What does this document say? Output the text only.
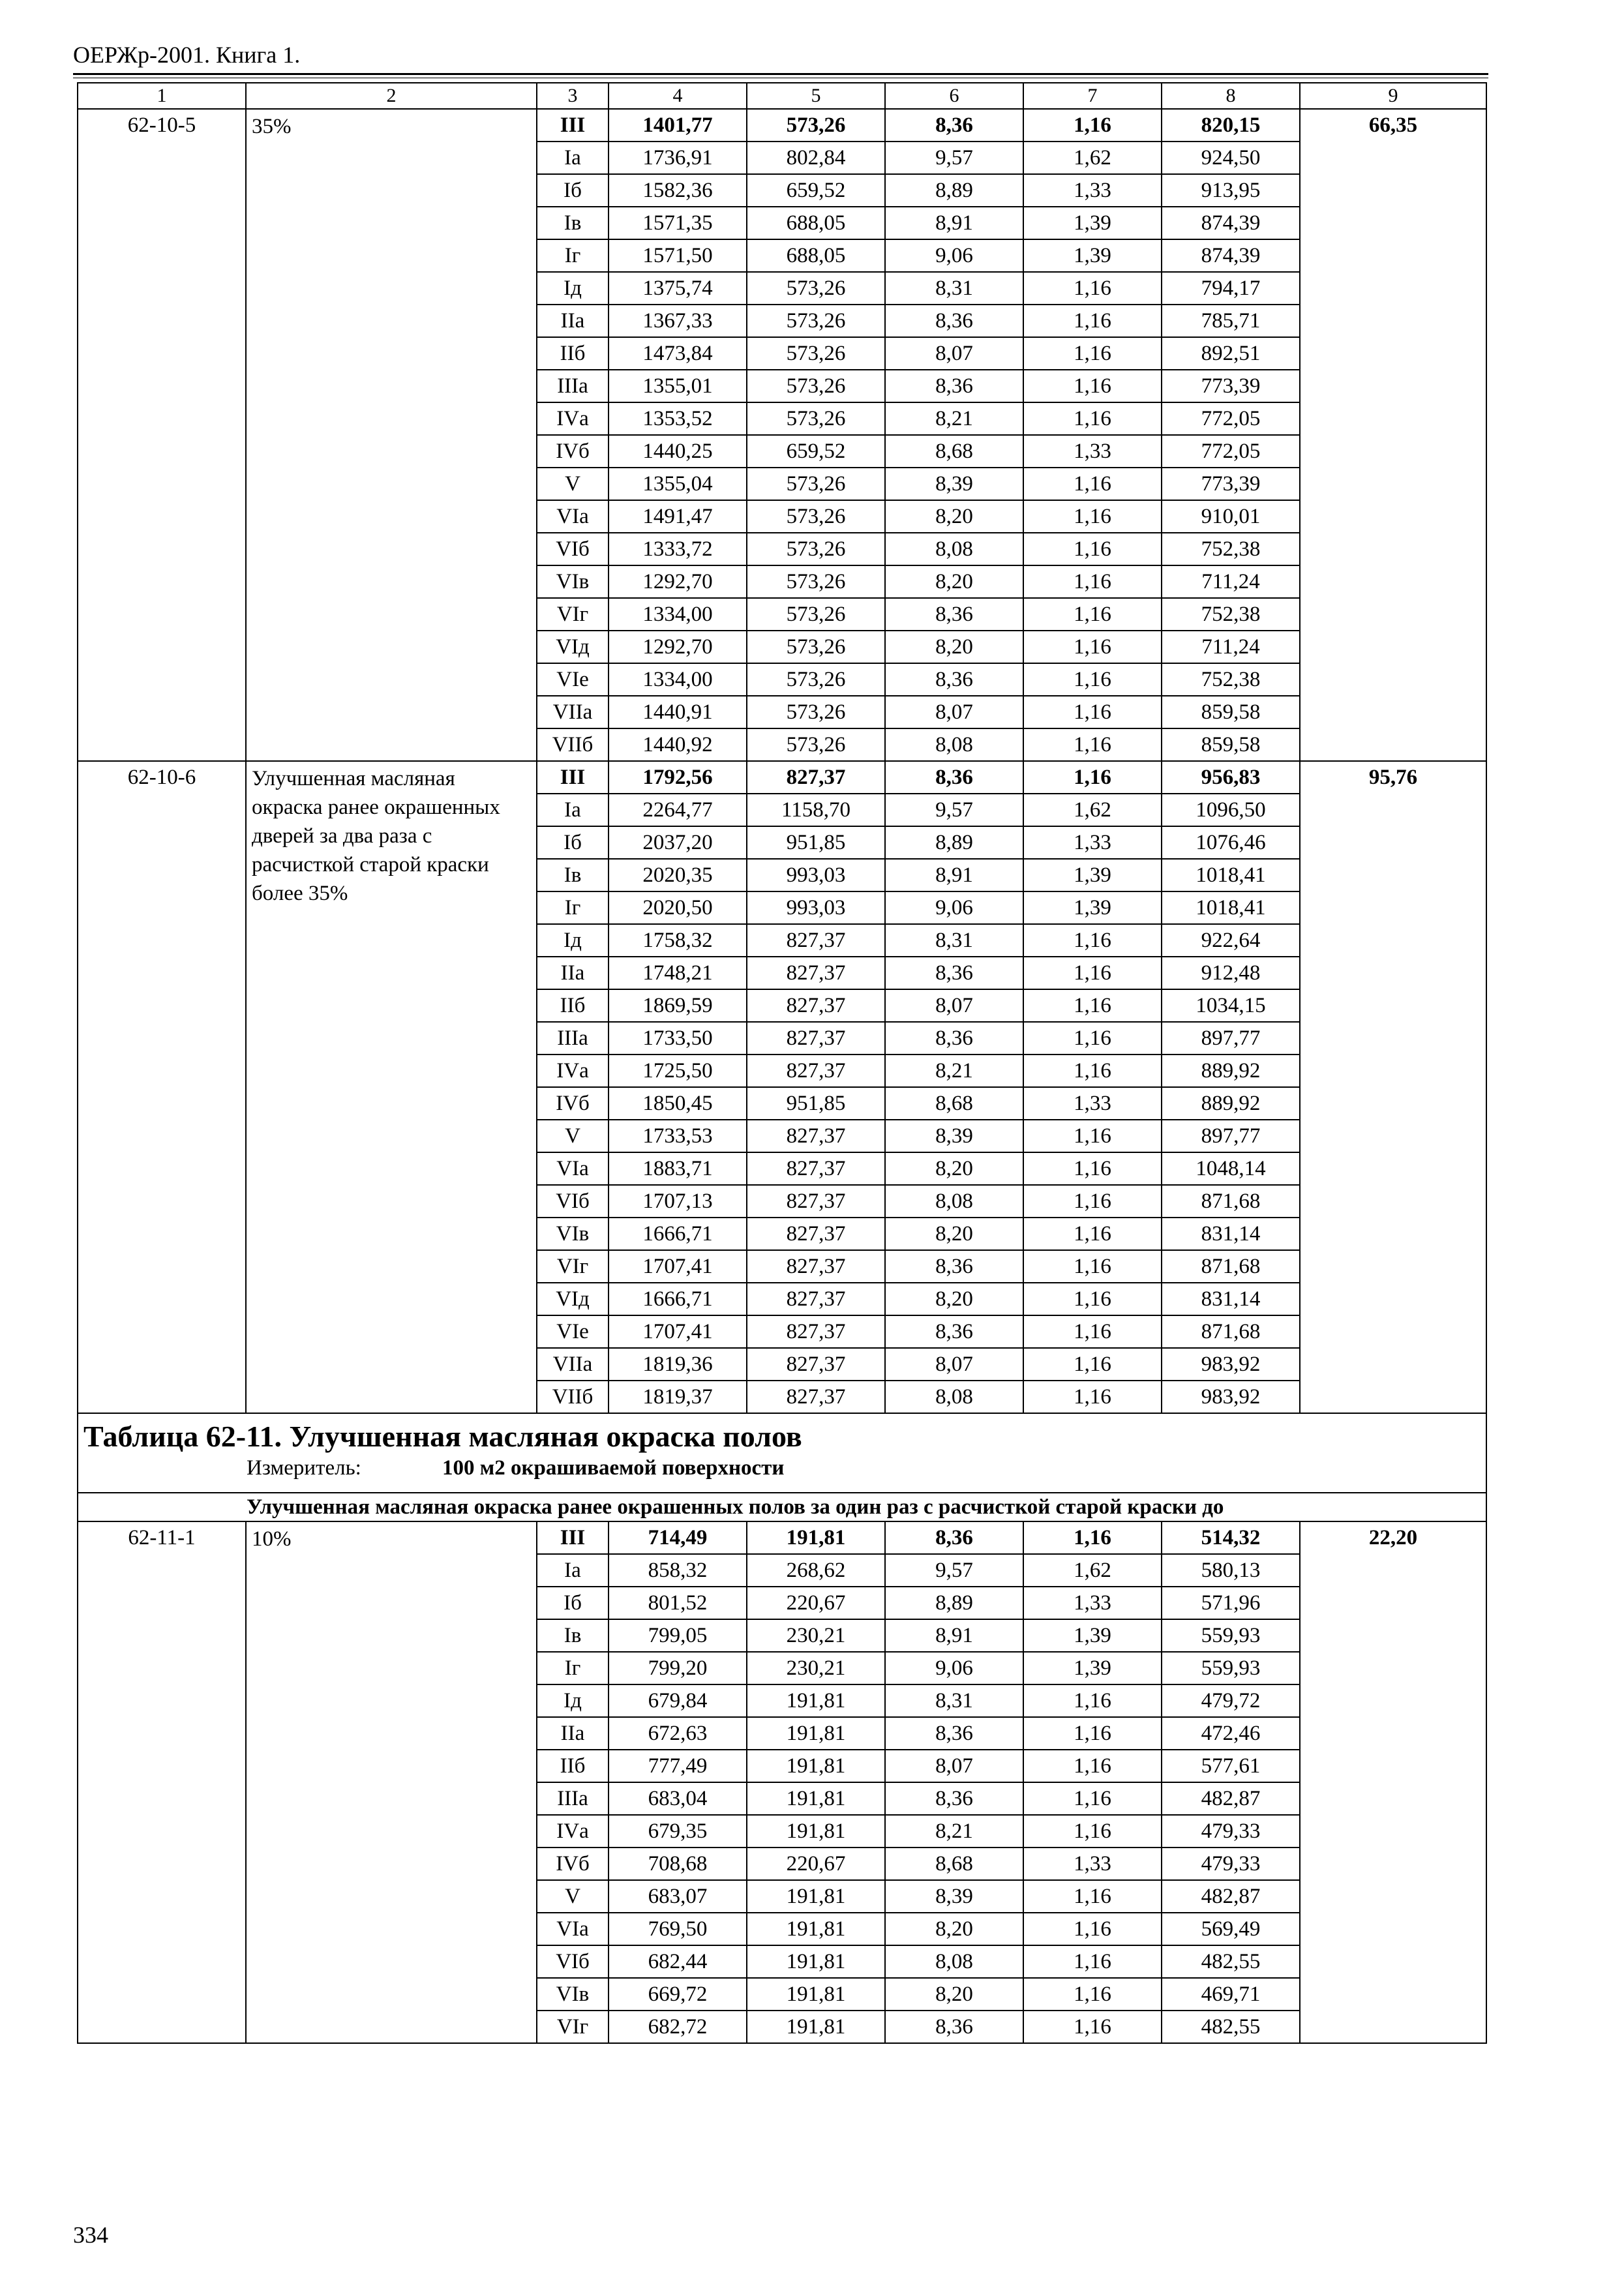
ОЕРЖр-2001. Книга 1.
1	2	3	4	5	6	7	8	9
62-10-5	35%	III	1401,77	573,26	8,36	1,16	820,15	66,35
		Iа	1736,91	802,84	9,57	1,62	924,50	
		Iб	1582,36	659,52	8,89	1,33	913,95	
		Iв	1571,35	688,05	8,91	1,39	874,39	
		Iг	1571,50	688,05	9,06	1,39	874,39	
		Iд	1375,74	573,26	8,31	1,16	794,17	
		IIа	1367,33	573,26	8,36	1,16	785,71	
		IIб	1473,84	573,26	8,07	1,16	892,51	
		IIIа	1355,01	573,26	8,36	1,16	773,39	
		IVа	1353,52	573,26	8,21	1,16	772,05	
		IVб	1440,25	659,52	8,68	1,33	772,05	
		V	1355,04	573,26	8,39	1,16	773,39	
		VIа	1491,47	573,26	8,20	1,16	910,01	
		VIб	1333,72	573,26	8,08	1,16	752,38	
		VIв	1292,70	573,26	8,20	1,16	711,24	
		VIг	1334,00	573,26	8,36	1,16	752,38	
		VIд	1292,70	573,26	8,20	1,16	711,24	
		VIе	1334,00	573,26	8,36	1,16	752,38	
		VIIа	1440,91	573,26	8,07	1,16	859,58	
		VIIб	1440,92	573,26	8,08	1,16	859,58	
62-10-6	Улучшенная масляная окраска ранее окрашенных дверей за два раза с расчисткой старой краски более 35%	III	1792,56	827,37	8,36	1,16	956,83	95,76
		Iа	2264,77	1158,70	9,57	1,62	1096,50	
		Iб	2037,20	951,85	8,89	1,33	1076,46	
		Iв	2020,35	993,03	8,91	1,39	1018,41	
		Iг	2020,50	993,03	9,06	1,39	1018,41	
		Iд	1758,32	827,37	8,31	1,16	922,64	
		IIа	1748,21	827,37	8,36	1,16	912,48	
		IIб	1869,59	827,37	8,07	1,16	1034,15	
		IIIа	1733,50	827,37	8,36	1,16	897,77	
		IVа	1725,50	827,37	8,21	1,16	889,92	
		IVб	1850,45	951,85	8,68	1,33	889,92	
		V	1733,53	827,37	8,39	1,16	897,77	
		VIа	1883,71	827,37	8,20	1,16	1048,14	
		VIб	1707,13	827,37	8,08	1,16	871,68	
		VIв	1666,71	827,37	8,20	1,16	831,14	
		VIг	1707,41	827,37	8,36	1,16	871,68	
		VIд	1666,71	827,37	8,20	1,16	831,14	
		VIе	1707,41	827,37	8,36	1,16	871,68	
		VIIа	1819,36	827,37	8,07	1,16	983,92	
		VIIб	1819,37	827,37	8,08	1,16	983,92	

Таблица 62-11. Улучшенная масляная окраска полов
Измеритель: 100 м2 окрашиваемой поверхности								

Улучшенная масляная окраска ранее окрашенных полов за один раз с расчисткой старой краски до								
62-11-1	10%	III	714,49	191,81	8,36	1,16	514,32	22,20
		Iа	858,32	268,62	9,57	1,62	580,13	
		Iб	801,52	220,67	8,89	1,33	571,96	
		Iв	799,05	230,21	8,91	1,39	559,93	
		Iг	799,20	230,21	9,06	1,39	559,93	
		Iд	679,84	191,81	8,31	1,16	479,72	
		IIа	672,63	191,81	8,36	1,16	472,46	
		IIб	777,49	191,81	8,07	1,16	577,61	
		IIIа	683,04	191,81	8,36	1,16	482,87	
		IVа	679,35	191,81	8,21	1,16	479,33	
		IVб	708,68	220,67	8,68	1,33	479,33	
		V	683,07	191,81	8,39	1,16	482,87	
		VIа	769,50	191,81	8,20	1,16	569,49	
		VIб	682,44	191,81	8,08	1,16	482,55	
		VIв	669,72	191,81	8,20	1,16	469,71	
		VIг	682,72	191,81	8,36	1,16	482,55	
334
